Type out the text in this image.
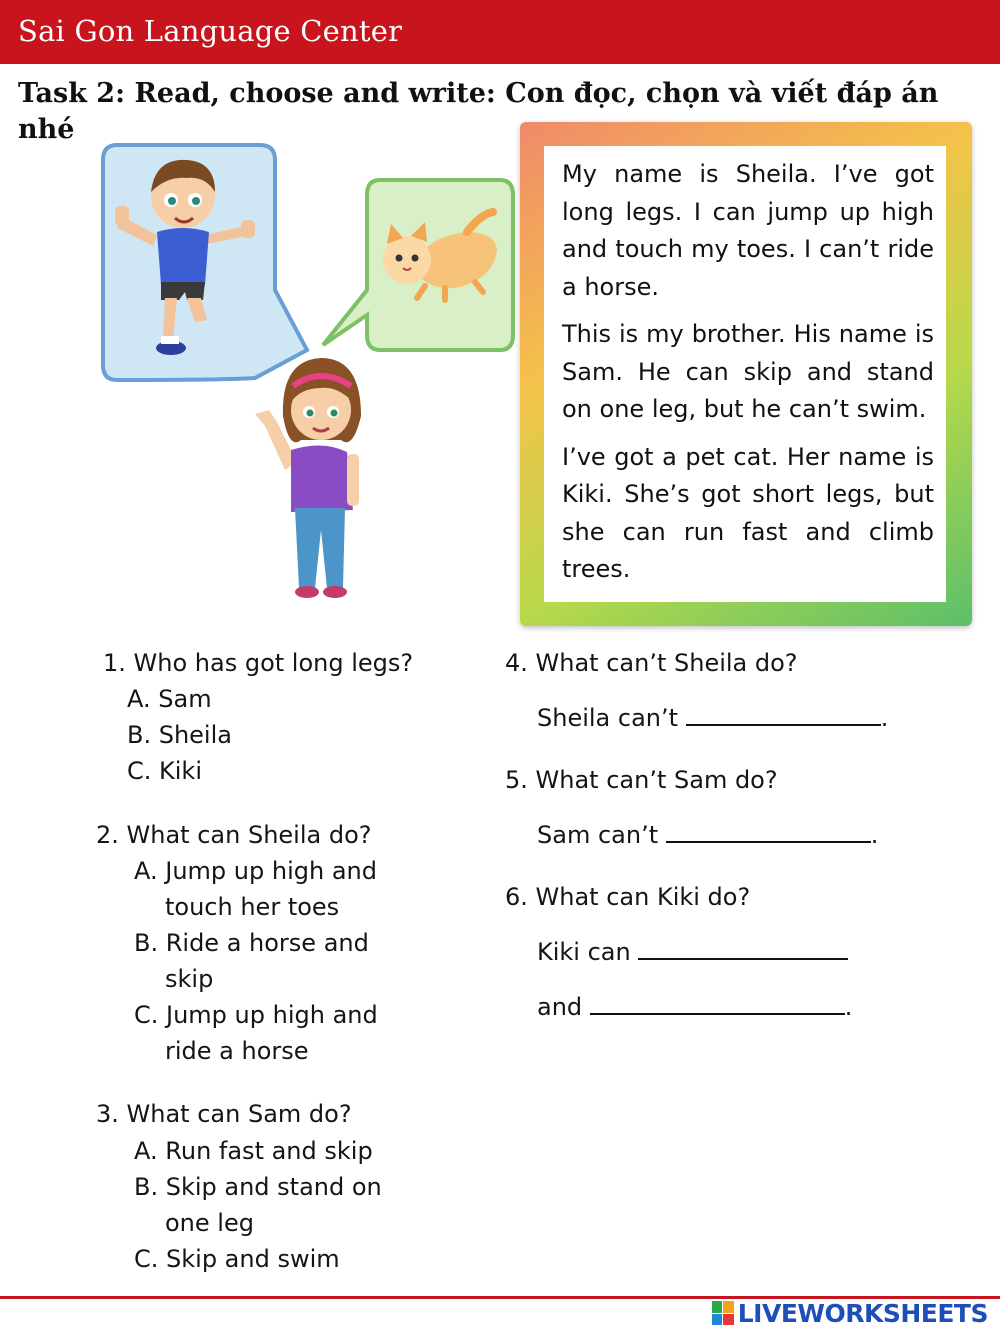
Sai Gon Language Center
Task 2: Read, choose and write: Con đọc, chọn và viết đáp án nhé

My name is Sheila. I’ve got long legs. I can jump up high and touch my toes. I can’t ride a horse.

This is my brother. His name is Sam. He can skip and stand on one leg, but he can’t swim.

I’ve got a pet cat. Her name is Kiki. She’s got short legs, but she can run fast and climb trees.

1. Who has got long legs?
A. Sam
B. Sheila
C. Kiki
2. What can Sheila do?
A. Jump up high and
touch her toes
B. Ride a horse and
skip
C. Jump up high and
ride a horse
3. What can Sam do?
A. Run fast and skip
B. Skip and stand on
one leg
C. Skip and swim
4. What can’t Sheila do?
Sheila can’t	.
5. What can’t Sam do?
Sam can’t	.
6. What can Kiki do?
Kiki can
and	.
LIVEWORKSHEETS
